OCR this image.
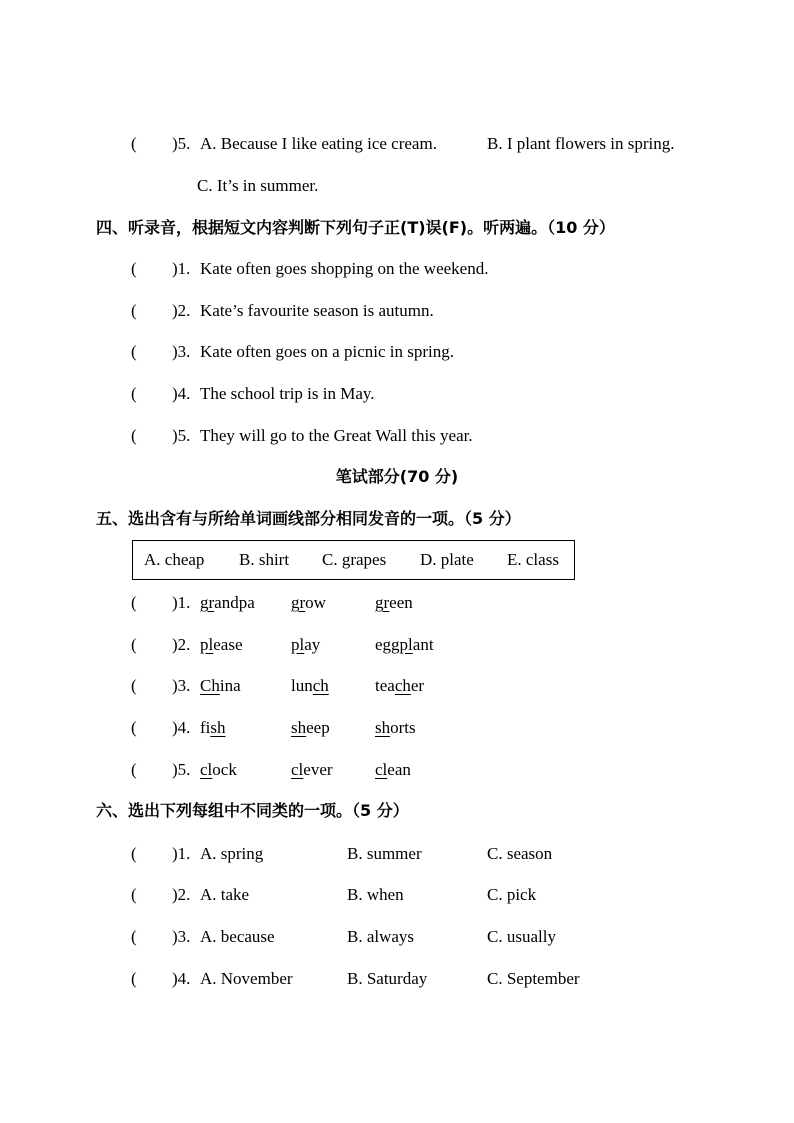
( )5. A. Because I like eating ice cream.	B. I plant flowers in spring.
C. It’s in summer.
四、听录音，根据短文内容判断下列句子正(T)误(F)。听两遍。（10 分）
( )1. Kate often goes shopping on the weekend.
( )2. Kate’s favourite season is autumn.
( )3. Kate often goes on a picnic in spring.
( )4. The school trip is in May.
( )5. They will go to the Great Wall this year.
笔试部分(70 分)
五、选出含有与所给单词画线部分相同发音的一项。（5 分）
A. cheap B. shirt C. grapes D. plate E. class
( )1. grandpa grow	green
( )2. please	play	eggplant
( )3. China	lunch	teacher
( )4. fish	sheep	shorts
( )5. clock	clever clean
六、选出下列每组中不同类的一项。（5 分）
( )1. A. spring	B. summer	C. season
( )2. A. take	B. when	C. pick
( )3. A. because	B. always	C. usually
( )4. A. November	B. Saturday	C. September
